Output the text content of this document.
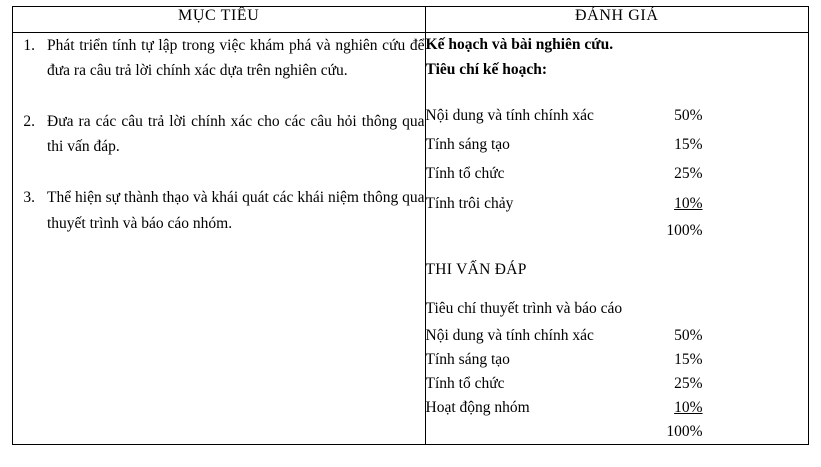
MỤC TIÊU	ĐÁNH GIÁ

1. Phát triển tính tự lập trong việc khám phá và nghiên cứu để đưa ra câu trả lời chính xác dựa trên nghiên cứu.
2. Đưa ra các câu trả lời chính xác cho các câu hỏi thông qua thi vấn đáp.
3. Thể hiện sự thành thạo và khái quát các khái niệm thông qua thuyết trình và báo cáo nhóm.

Kế hoạch và bài nghiên cứu.
Tiêu chí kế hoạch:
Nội dung và tính chính xác	50%
Tính sáng tạo	15%
Tính tổ chức	25%
Tính trôi chảy	10%
100%
THI VẤN ĐÁP
Tiêu chí thuyết trình và báo cáo
Nội dung và tính chính xác	50%
Tính sáng tạo	15%
Tính tổ chức	25%
Hoạt động nhóm	10%
100%
